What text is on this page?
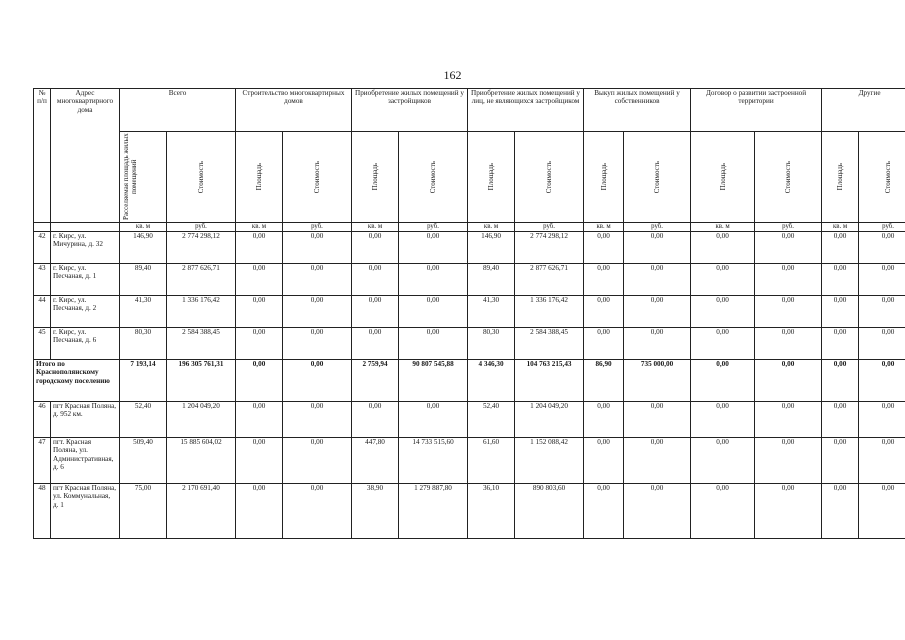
162
№ п/п	Адрес многоквартирного дома	Всего		Строительство многоквартирных домов		Приобретение жилых помещений у застройщиков		Приобретение жилых помещений у лиц, не являющихся застройщиком		Выкуп жилых помещений у собственников		Договор о развитии застроенной территории		Другие	

		Расселяемая площадь жилых помещений	Стоимость	Площадь	Стоимость	Площадь	Стоимость	Площадь	Стоимость	Площадь	Стоимость	Площадь	Стоимость	Площадь	Стоимость

		кв. м	руб.	кв. м	руб.	кв. м	руб.	кв. м	руб.	кв. м	руб.	кв. м	руб.	кв. м	руб.
42	г. Кирс, ул. Мичурина, д. 32	146,90	2 774 298,12	0,00	0,00	0,00	0,00	146,90	2 774 298,12	0,00	0,00	0,00	0,00	0,00	0,00
43	г. Кирс, ул. Песчаная, д. 1	89,40	2 877 626,71	0,00	0,00	0,00	0,00	89,40	2 877 626,71	0,00	0,00	0,00	0,00	0,00	0,00
44	г. Кирс, ул. Песчаная, д. 2	41,30	1 336 176,42	0,00	0,00	0,00	0,00	41,30	1 336 176,42	0,00	0,00	0,00	0,00	0,00	0,00
45	г. Кирс, ул. Песчаная, д. 6	80,30	2 584 388,45	0,00	0,00	0,00	0,00	80,30	2 584 388,45	0,00	0,00	0,00	0,00	0,00	0,00
Итого по Краснополянскому городскому поселению		7 193,14	196 305 761,31	0,00	0,00	2 759,94	90 807 545,88	4 346,30	104 763 215,43	86,90	735 000,00	0,00	0,00	0,00	0,00
46	пгт Красная Поляна, д. 952 км.	52,40	1 204 049,20	0,00	0,00	0,00	0,00	52,40	1 204 049,20	0,00	0,00	0,00	0,00	0,00	0,00
47	пгт. Красная Поляна, ул. Административная, д. 6	509,40	15 885 604,02	0,00	0,00	447,80	14 733 515,60	61,60	1 152 088,42	0,00	0,00	0,00	0,00	0,00	0,00
48	пгт Красная Поляна, ул. Коммунальная, д. 1	75,00	2 170 691,40	0,00	0,00	38,90	1 279 887,80	36,10	890 803,60	0,00	0,00	0,00	0,00	0,00	0,00
